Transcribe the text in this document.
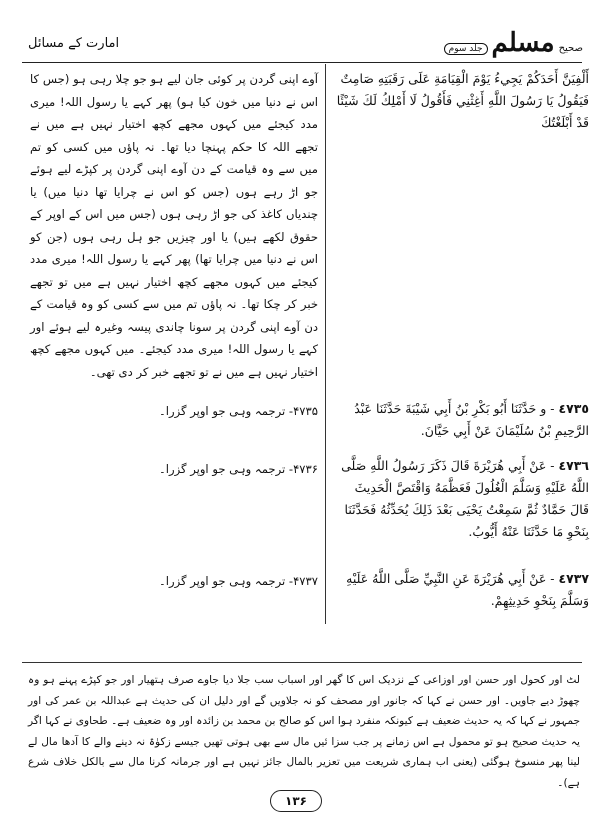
امارت کے مسائل	جلد سوم مسلم صحیح
أَلْفِيَنَّ أَحَدَكُمْ يَجِيءُ يَوْمَ الْقِيَامَةِ عَلَى رَقَبَتِهِ صَامِتٌ فَيَقُولُ يَا رَسُولَ اللَّهِ أَغِثْنِي فَأَقُولُ لَا أَمْلِكُ لَكَ شَيْئًا قَدْ أَبْلَغْتُكَ
٤٧٣٥ - و حَدَّثَنَا أَبُو بَكْرِ بْنُ أَبِي شَيْبَةَ حَدَّثَنَا عَبْدُ الرَّحِيمِ بْنُ سُلَيْمَانَ عَنْ أَبِي حَيَّانَ.
٤٧٣٦ - عَنْ أَبِي هُرَيْرَةَ قَالَ ذَكَرَ رَسُولُ اللَّهِ صَلَّى اللَّهُ عَلَيْهِ وَسَلَّمَ الْغُلُولَ فَعَظَّمَهُ وَاقْتَصَّ الْحَدِيثَ قَالَ حَمَّادٌ ثُمَّ سَمِعْتُ يَحْيَى بَعْدَ ذَلِكَ يُحَدِّثُهُ فَحَدَّثَنَا بِنَحْوِ مَا حَدَّثَنَا عَنْهُ أَيُّوبُ.
٤٧٣٧ - عَنْ أَبِي هُرَيْرَةَ عَنِ النَّبِيِّ صَلَّى اللَّهُ عَلَيْهِ وَسَلَّمَ بِنَحْوِ حَدِيثِهِمْ.
آوے اپنی گردن پر کوئی جان لیے ہو جو چلا رہی ہو (جس کا اس نے دنیا میں خون کیا ہو) پھر کہے یا رسول اللہ! میری مدد کیجئے میں کہوں مجھے کچھ اختیار نہیں ہے میں نے تجھے اللہ کا حکم پہنچا دیا تھا۔ نہ پاؤں میں کسی کو تم میں سے وہ قیامت کے دن آوے اپنی گردن پر کپڑے لیے ہوئے جو اڑ رہے ہوں (جس کو اس نے چرایا تھا دنیا میں) یا چندیاں کاغذ کی جو اڑ رہی ہوں (جس میں اس کے اوپر کے حقوق لکھے ہیں) یا اور چیزیں جو ہل رہی ہوں (جن کو اس نے دنیا میں چرایا تھا) پھر کہے یا رسول اللہ! میری مدد کیجئے میں کہوں مجھے کچھ اختیار نہیں ہے میں تو تجھے خبر کر چکا تھا۔ نہ پاؤں تم میں سے کسی کو وہ قیامت کے دن آوے اپنی گردن پر سونا چاندی پیسہ وغیرہ لیے ہوئے اور کہے یا رسول اللہ! میری مدد کیجئے۔ میں کہوں مجھے کچھ اختیار نہیں ہے میں نے تو تجھے خبر کر دی تھی۔
۴۷۳۵- ترجمہ وہی جو اوپر گزرا۔
۴۷۳۶- ترجمہ وہی جو اوپر گزرا۔
۴۷۳۷- ترجمہ وہی جو اوپر گزرا۔
لٹ اور کحول اور حسن اور اوزاعی کے نزدیک اس کا گھر اور اسباب سب جلا دیا جاوے صرف ہتھیار اور جو کپڑے پہنے ہو وہ چھوڑ دیے جاویں۔ اور حسن نے کہا کہ جانور اور مصحف کو نہ جلاویں گے اور دلیل ان کی حدیث ہے عبداللہ بن عمر کی اور جمہور نے کہا کہ یہ حدیث ضعیف ہے کیونکہ منفرد ہوا اس کو صالح بن محمد بن زائدہ اور وہ ضعیف ہے۔ طحاوی نے کہا اگر یہ حدیث صحیح ہو تو محمول ہے اس زمانے پر جب سزا ئیں مال سے بھی ہوتی تھیں جیسے زکوٰۃ نہ دینے والے کا آدھا مال لے لینا پھر منسوخ ہوگئی (یعنی اب ہماری شریعت میں تعزیر بالمال جائز نہیں ہے اور جرمانہ کرنا مال سے بالکل خلاف شرع ہے)۔
۱۳۶
